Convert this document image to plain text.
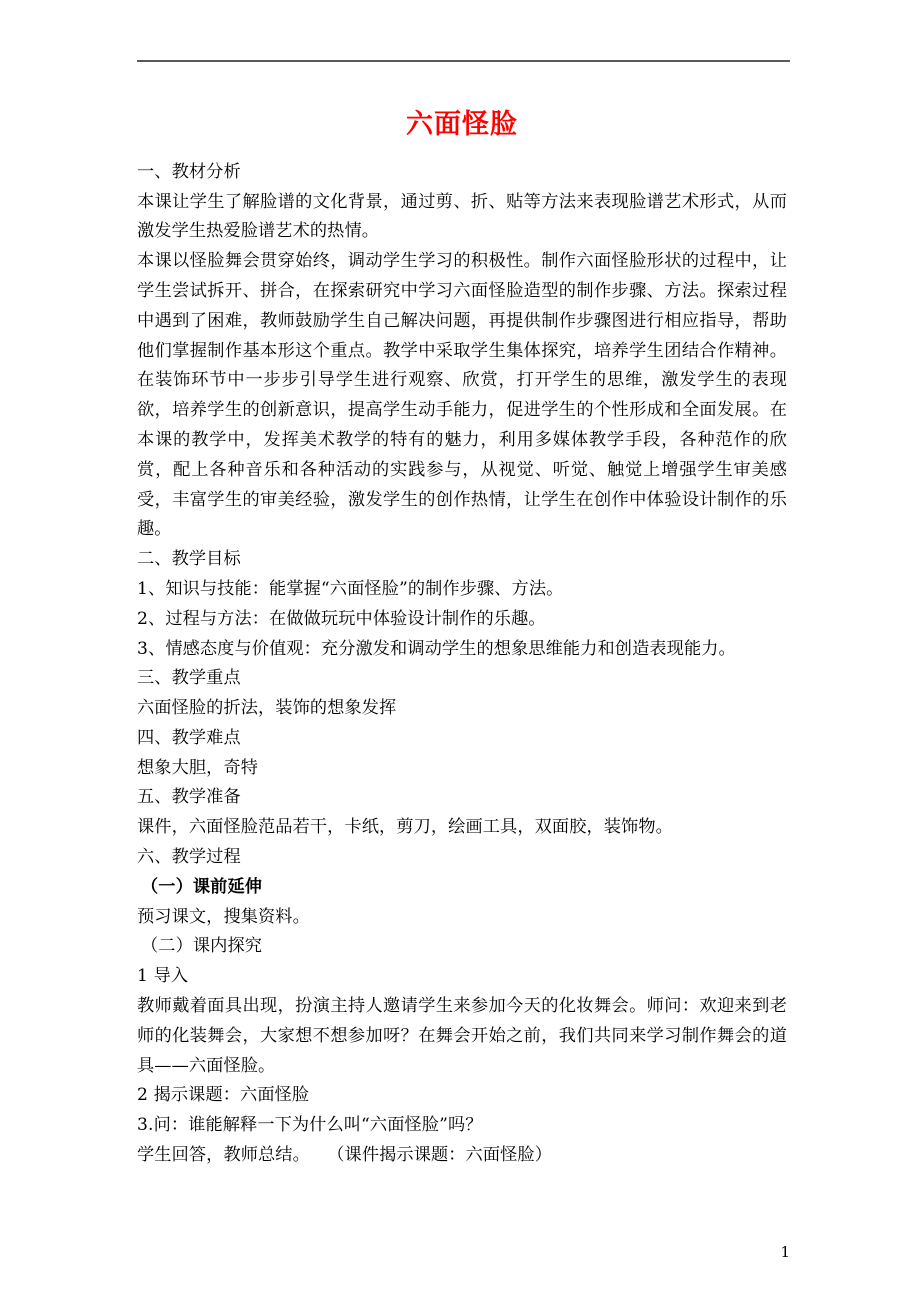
六面怪脸

一、教材分析

本课让学生了解脸谱的文化背景，通过剪、折、贴等方法来表现脸谱艺术形式，从而激发学生热爱脸谱艺术的热情。

本课以怪脸舞会贯穿始终，调动学生学习的积极性。制作六面怪脸形状的过程中，让学生尝试拆开、拼合，在探索研究中学习六面怪脸造型的制作步骤、方法。探索过程中遇到了困难，教师鼓励学生自己解决问题，再提供制作步骤图进行相应指导，帮助他们掌握制作基本形这个重点。教学中采取学生集体探究，培养学生团结合作精神。在装饰环节中一步步引导学生进行观察、欣赏，打开学生的思维，激发学生的表现欲，培养学生的创新意识，提高学生动手能力，促进学生的个性形成和全面发展。在本课的教学中，发挥美术教学的特有的魅力，利用多媒体教学手段，各种范作的欣赏，配上各种音乐和各种活动的实践参与，从视觉、听觉、触觉上增强学生审美感受，丰富学生的审美经验，激发学生的创作热情，让学生在创作中体验设计制作的乐趣。

二、教学目标

1、知识与技能：能掌握“六面怪脸”的制作步骤、方法。

2、过程与方法：在做做玩玩中体验设计制作的乐趣。

3、情感态度与价值观：充分激发和调动学生的想象思维能力和创造表现能力。

三、教学重点

六面怪脸的折法，装饰的想象发挥

四、教学难点

想象大胆，奇特

五、教学准备

课件，六面怪脸范品若干，卡纸，剪刀，绘画工具，双面胶，装饰物。

六、教学过程

（一）课前延伸

预习课文，搜集资料。

（二）课内探究

1 导入

教师戴着面具出现，扮演主持人邀请学生来参加今天的化妆舞会。师问：欢迎来到老师的化装舞会，大家想不想参加呀？在舞会开始之前，我们共同来学习制作舞会的道具——六面怪脸。

2 揭示课题：六面怪脸

3.问：谁能解释一下为什么叫“六面怪脸”吗？

学生回答，教师总结。　　（课件揭示课题：六面怪脸）

1
